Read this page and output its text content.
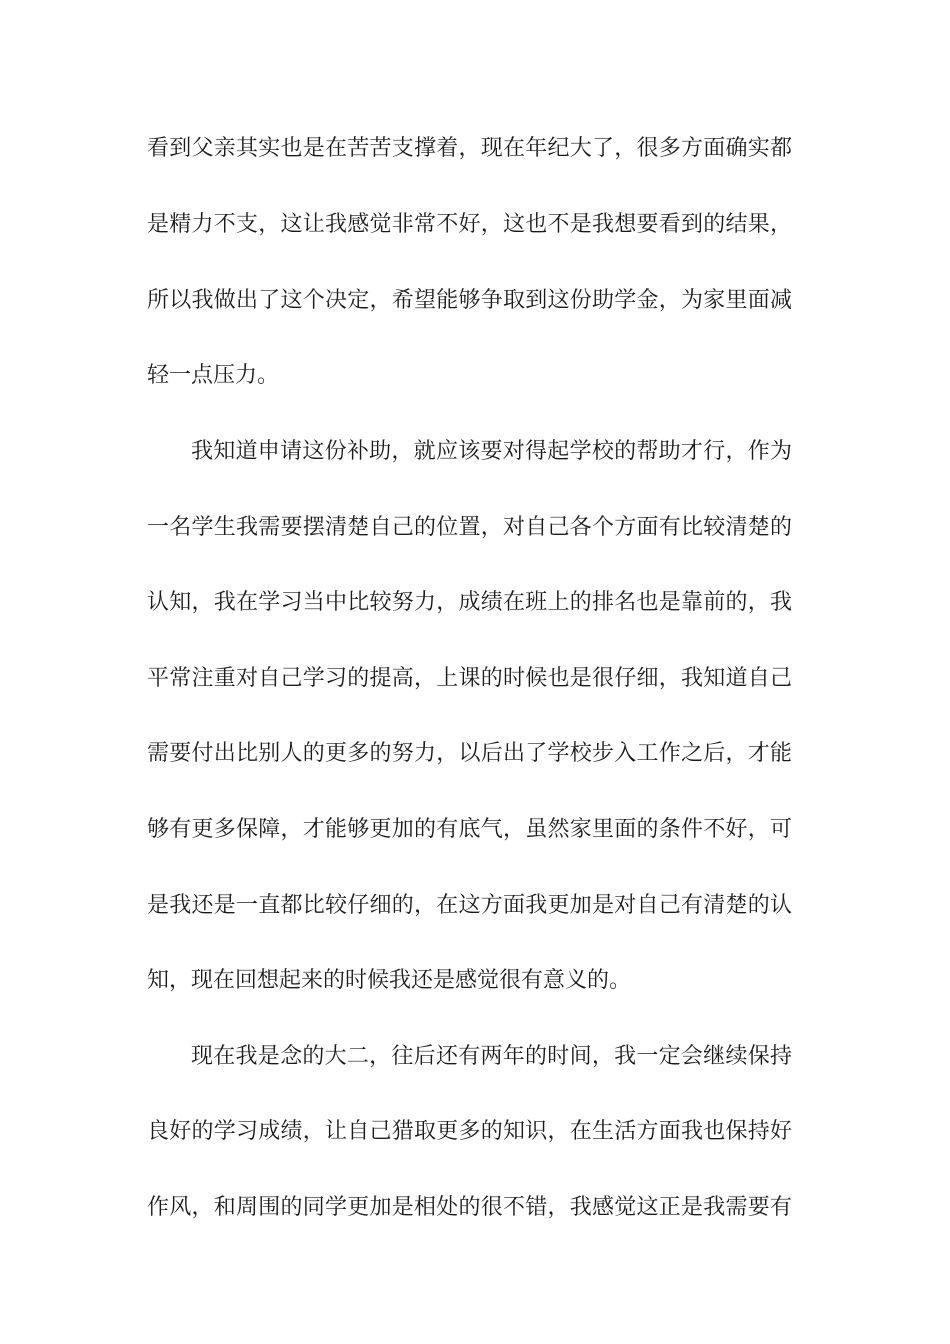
看到父亲其实也是在苦苦支撑着，现在年纪大了，很多方面确实都
是精力不支，这让我感觉非常不好，这也不是我想要看到的结果，
所以我做出了这个决定，希望能够争取到这份助学金，为家里面减
轻一点压力。
我知道申请这份补助，就应该要对得起学校的帮助才行，作为
一名学生我需要摆清楚自己的位置，对自己各个方面有比较清楚的
认知，我在学习当中比较努力，成绩在班上的排名也是靠前的，我
平常注重对自己学习的提高，上课的时候也是很仔细，我知道自己
需要付出比别人的更多的努力，以后出了学校步入工作之后，才能
够有更多保障，才能够更加的有底气，虽然家里面的条件不好，可
是我还是一直都比较仔细的，在这方面我更加是对自己有清楚的认
知，现在回想起来的时候我还是感觉很有意义的。
现在我是念的大二，往后还有两年的时间，我一定会继续保持
良好的学习成绩，让自己猎取更多的知识，在生活方面我也保持好
作风，和周围的同学更加是相处的很不错，我感觉这正是我需要有
